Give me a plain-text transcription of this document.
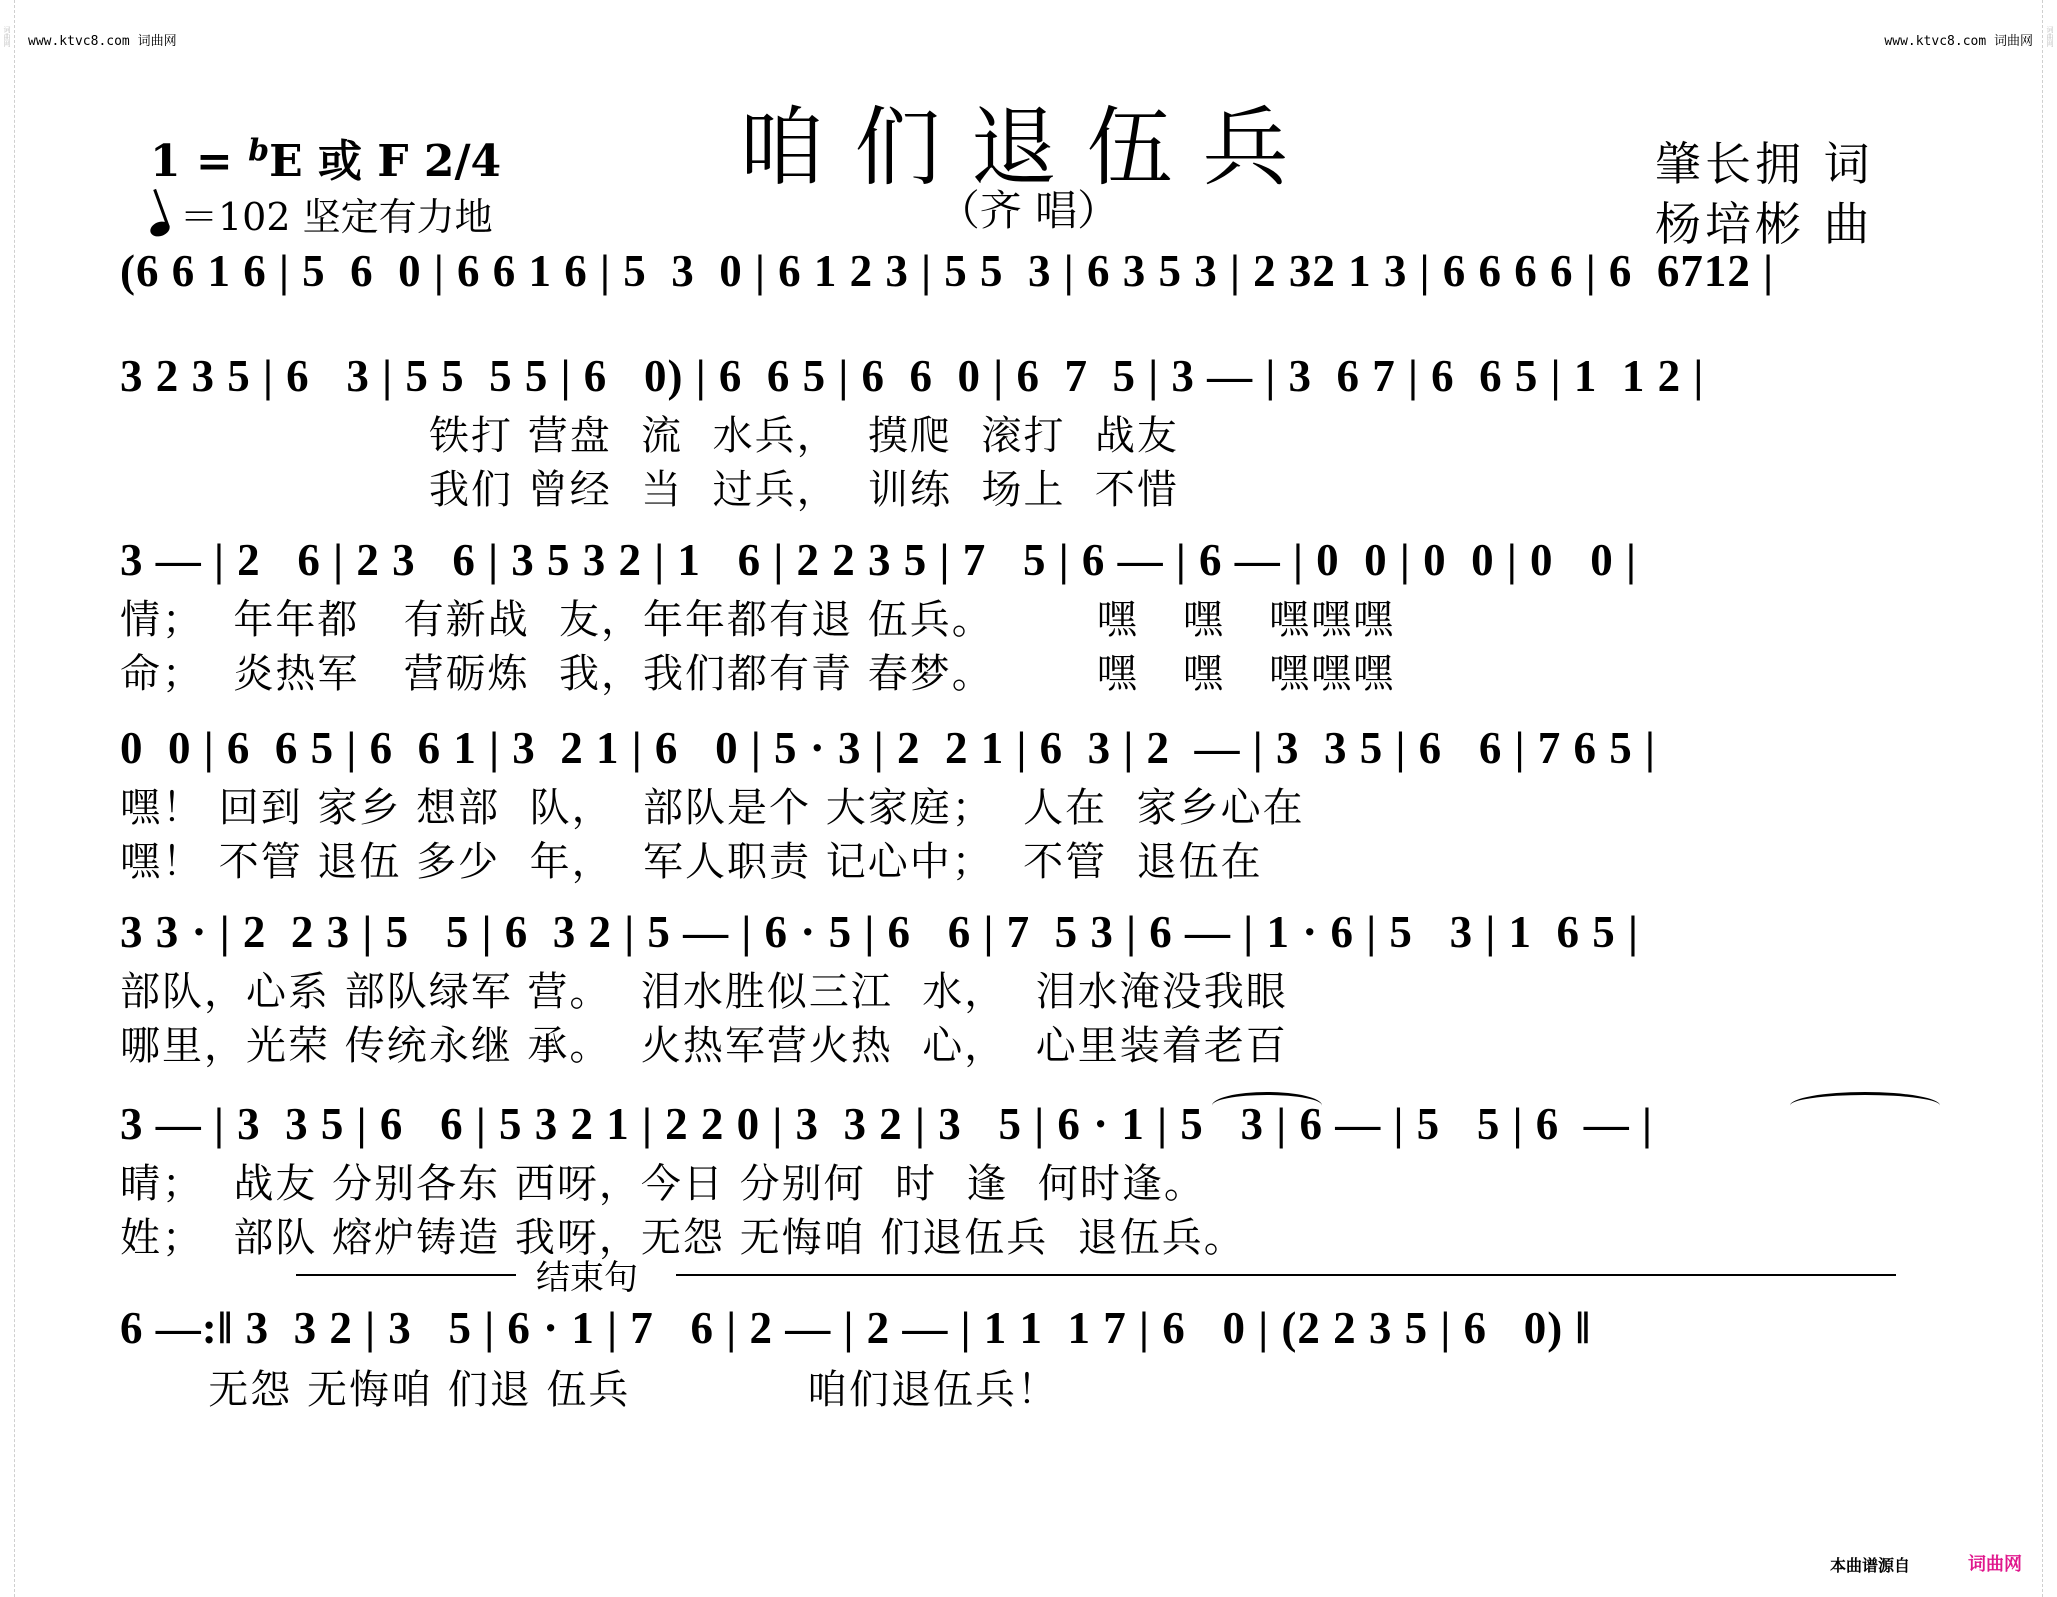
词曲网	词曲网
www.ktvc8.com 词曲网	www.ktvc8.com 词曲网
咱们退伍兵
（齐 唱）
1 = $^b$E 或 F 2/4
＝102 坚定有力地
肇长拥 词
杨培彬 曲
(6 6 1 6 | 5  6  0 | 6 6 1 6 | 5  3  0 | 6 1 2 3 | 5 5  3 | 6 3 5 3 | 2 32 1 3 | 6 6 6 6 | 6  6712 |
3 2 3 5 | 6   3 | 5 5  5 5 | 6   0) | 6  6 5 | 6  6  0 | 6  7  5 | 3 — | 3  6 7 | 6  6 5 | 1  1 2 |
铁打 营盘  流  水兵，  摸爬  滚打  战友
我们 曾经  当  过兵，  训练  场上  不惜
3 — | 2   6 | 2 3   6 | 3 5 3 2 | 1   6 | 2 2 3 5 | 7   5 | 6 — | 6 — | 0  0 | 0  0 | 0   0 |
情；  年年都   有新战  友，年年都有退 伍兵。       嘿   嘿   嘿嘿嘿
命；  炎热军   营砺炼  我，我们都有青 春梦。       嘿   嘿   嘿嘿嘿
0  0 | 6  6 5 | 6  6 1 | 3  2 1 | 6   0 | 5 · 3 | 2  2 1 | 6  3 | 2  — | 3  3 5 | 6   6 | 7 6 5 |
嘿！ 回到 家乡 想部  队，  部队是个 大家庭；  人在  家乡心在
嘿！ 不管 退伍 多少  年，  军人职责 记心中；  不管  退伍在
3 3 · | 2  2 3 | 5   5 | 6  3 2 | 5 — | 6 · 5 | 6   6 | 7  5 3 | 6 — | 1 · 6 | 5   3 | 1  6 5 |
部队，心系 部队绿军 营。  泪水胜似三江  水，  泪水淹没我眼
哪里，光荣 传统永继 承。  火热军营火热  心，  心里装着老百
3 — | 3  3 5 | 6   6 | 5 3 2 1 | 2 2 0 | 3  3 2 | 3   5 | 6 · 1 | 5   3 | 6 — | 5   5 | 6  — |
晴；  战友 分别各东 西呀，今日 分别何  时  逢  何时逢。
姓；  部队 熔炉铸造 我呀，无怨 无悔咱 们退伍兵  退伍兵。
结束句
6 —:‖ 3  3 2 | 3   5 | 6 · 1 | 7   6 | 2 — | 2 — | 1 1  1 7 | 6   0 | (2 2 3 5 | 6   0) ‖
无怨 无悔咱 们退 伍兵            咱们退伍兵！
本曲谱源自	词曲网
